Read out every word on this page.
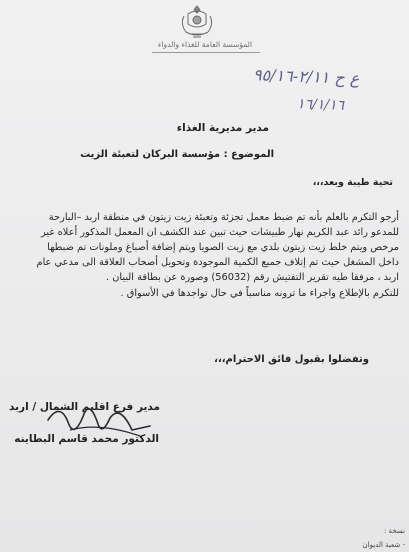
المؤسسة العامة للغذاء والدواء
ع ح ٢/١١-٩٥/١٦
١٦/١/١٦
مدير مديرية الغذاء
الموضوع : مؤسسة البركان لتعبئة الزيت
تحية طيبة وبعد،،،
أرجو التكرم بالعلم بأنه تم ضبط معمل تجزئة وتعبئة زيت زيتون في منطقة اربد –البارحة
للمدعو رائد عبد الكريم نهار طبيشات حيث تبين عند الكشف ان المعمل المذكور أعلاه غير
مرخص ويتم خلط زيت زيتون بلدي مع زيت الصويا ويتم إضافة أصباغ وملونات تم ضبطها
داخل المشغل حيث تم إتلاف جميع الكمية الموجودة وتحويل أصحاب العلاقة الى مدعي عام
اربد ، مرفقا طيه تقرير التفتيش رقم (56032) وصورة عن بطاقة البيان .
للتكرم بالإطلاع واجراء ما ترونه مناسباً في حال تواجدها في الأسواق .
وتفضلوا بقبول فائق الاحترام،،،
مدير فرع اقليم الشمال / اربد
الدكتور محمد قاسم البطاينه
نسخة :
- شعبة الديوان
